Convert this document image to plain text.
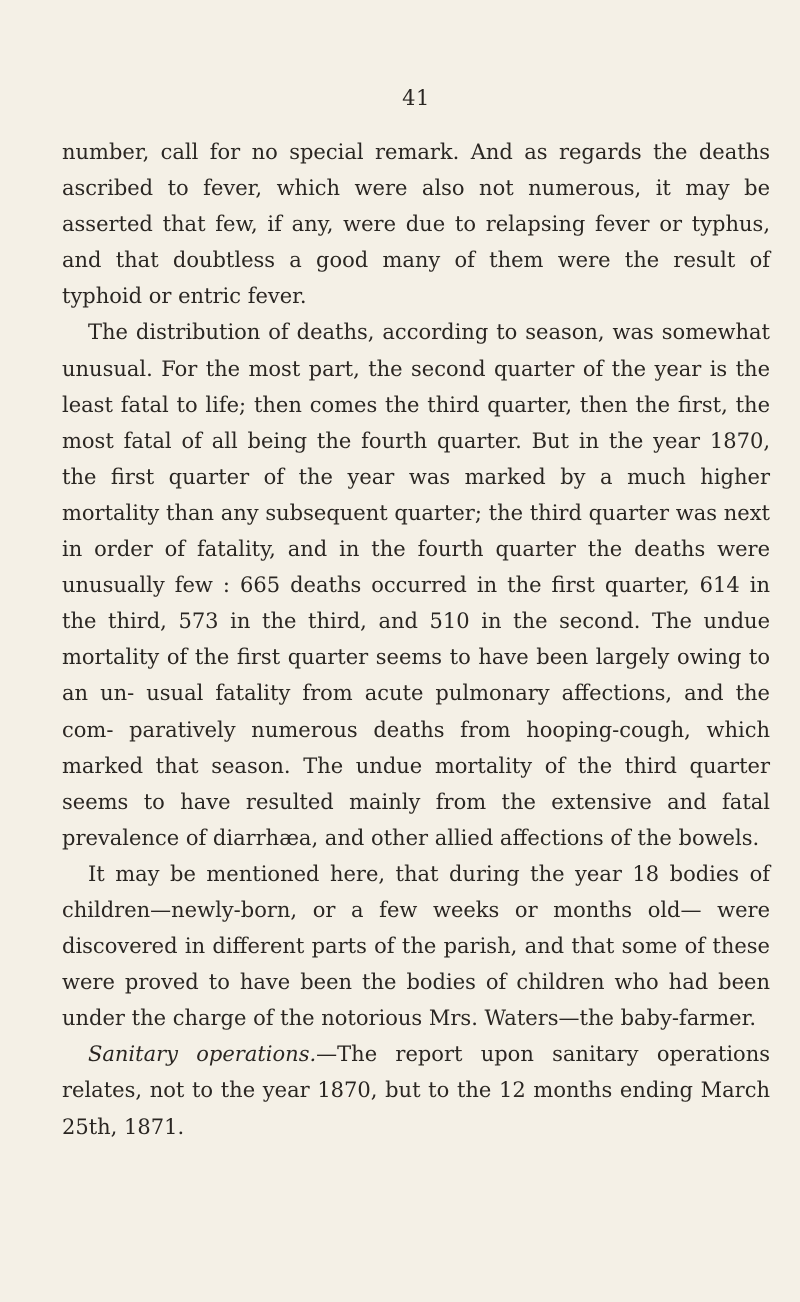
41

number, call for no special remark. And as regards the deaths ascribed to fever, which were also not numerous, it may be asserted that few, if any, were due to relapsing fever or typhus, and that doubtless a good many of them were the result of typhoid or entric fever.

The distribution of deaths, according to season, was somewhat unusual. For the most part, the second quarter of the year is the least fatal to life; then comes the third quarter, then the first, the most fatal of all being the fourth quarter. But in the year 1870, the first quarter of the year was marked by a much higher mortality than any subsequent quarter; the third quarter was next in order of fatality, and in the fourth quarter the deaths were unusually few : 665 deaths occurred in the first quarter, 614 in the third, 573 in the third, and 510 in the second. The undue mortality of the first quarter seems to have been largely owing to an un- usual fatality from acute pulmonary affections, and the com- paratively numerous deaths from hooping-cough, which marked that season. The undue mortality of the third quarter seems to have resulted mainly from the extensive and fatal prevalence of diarrhæa, and other allied affections of the bowels.

It may be mentioned here, that during the year 18 bodies of children—newly-born, or a few weeks or months old— were discovered in different parts of the parish, and that some of these were proved to have been the bodies of children who had been under the charge of the notorious Mrs. Waters—the baby-farmer.

Sanitary operations.—The report upon sanitary operations relates, not to the year 1870, but to the 12 months ending March 25th, 1871.
